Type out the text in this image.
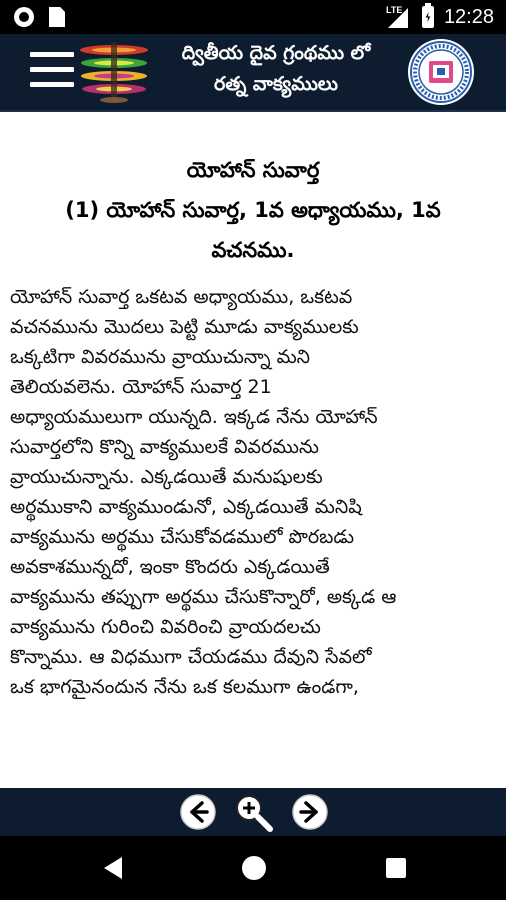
LTE 12:28
ద్వితీయ దైవ గ్రంథము లో
రత్న వాక్యములు
యోహాన్ సువార్త
(1) యోహాన్ సువార్త, 1వ అధ్యాయము, 1వ
వచనము.
యోహాన్ సువార్త ఒకటవ అధ్యాయము, ఒకటవ
వచనమును మొదలు పెట్టి మూడు వాక్యములకు
ఒక్కటిగా వివరమును వ్రాయుచున్నా మని
తెలియవలెను. యోహాన్ సువార్త 21
అధ్యాయములుగా యున్నది. ఇక్కడ నేను యోహాన్
సువార్తలోని కొన్ని వాక్యములకే వివరమును
వ్రాయుచున్నాను. ఎక్కడయితే మనుషులకు
అర్థముకాని వాక్యముండునో, ఎక్కడయితే మనిషి
వాక్యమును అర్థము చేసుకోవడములో పొరబడు
అవకాశమున్నదో, ఇంకా కొందరు ఎక్కడయితే
వాక్యమును తప్పుగా అర్థము చేసుకొన్నారో, అక్కడ ఆ
వాక్యమును గురించి వివరించి వ్రాయదలచు
కొన్నాము. ఆ విధముగా చేయడము దేవుని సేవలో
ఒక భాగమైనందున నేను ఒక కలముగా ఉండగా,
